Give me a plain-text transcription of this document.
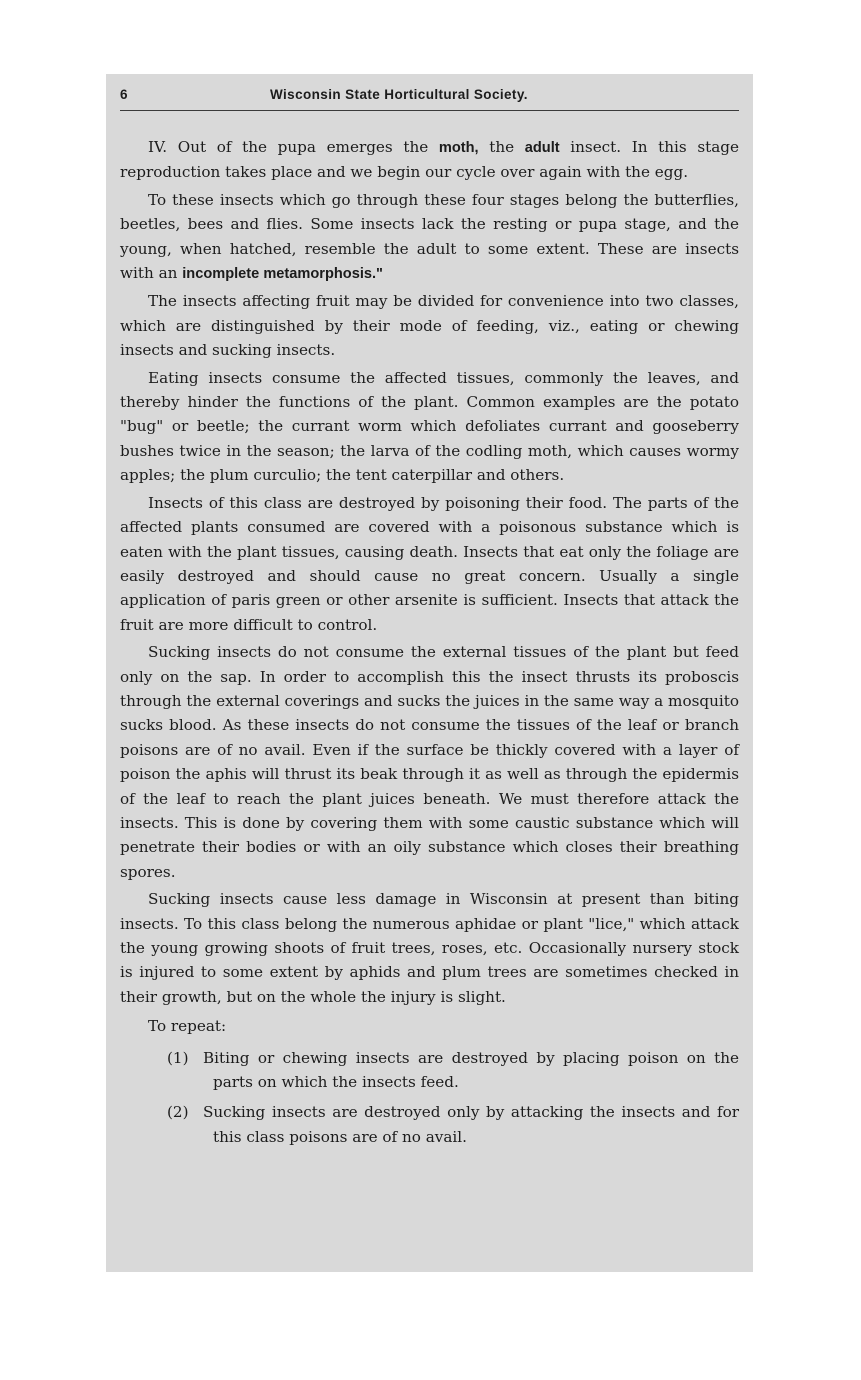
6	Wisconsin State Horticultural Society.

IV. Out of the pupa emerges the moth, the adult insect. In this stage reproduction takes place and we begin our cycle over again with the egg.

To these insects which go through these four stages belong the butterflies, beetles, bees and flies. Some insects lack the resting or pupa stage, and the young, when hatched, resemble the adult to some extent. These are insects with an incomplete metamorphosis."

The insects affecting fruit may be divided for convenience into two classes, which are distinguished by their mode of feeding, viz., eating or chewing insects and sucking insects.

Eating insects consume the affected tissues, commonly the leaves, and thereby hinder the functions of the plant. Common examples are the potato "bug" or beetle; the currant worm which defoliates currant and gooseberry bushes twice in the season; the larva of the codling moth, which causes wormy apples; the plum curculio; the tent caterpillar and others.

Insects of this class are destroyed by poisoning their food. The parts of the affected plants consumed are covered with a poisonous substance which is eaten with the plant tissues, causing death. Insects that eat only the foliage are easily destroyed and should cause no great concern. Usually a single application of paris green or other arsenite is sufficient. Insects that attack the fruit are more difficult to control.

Sucking insects do not consume the external tissues of the plant but feed only on the sap. In order to accomplish this the insect thrusts its proboscis through the external coverings and sucks the juices in the same way a mosquito sucks blood. As these insects do not consume the tissues of the leaf or branch poisons are of no avail. Even if the surface be thickly covered with a layer of poison the aphis will thrust its beak through it as well as through the epidermis of the leaf to reach the plant juices beneath. We must therefore attack the insects. This is done by covering them with some caustic substance which will penetrate their bodies or with an oily substance which closes their breathing spores.

Sucking insects cause less damage in Wisconsin at present than biting insects. To this class belong the numerous aphidae or plant "lice," which attack the young growing shoots of fruit trees, roses, etc. Occasionally nursery stock is injured to some extent by aphids and plum trees are sometimes checked in their growth, but on the whole the injury is slight.

To repeat:

(1) Biting or chewing insects are destroyed by placing poison on the parts on which the insects feed.
(2) Sucking insects are destroyed only by attacking the insects and for this class poisons are of no avail.
